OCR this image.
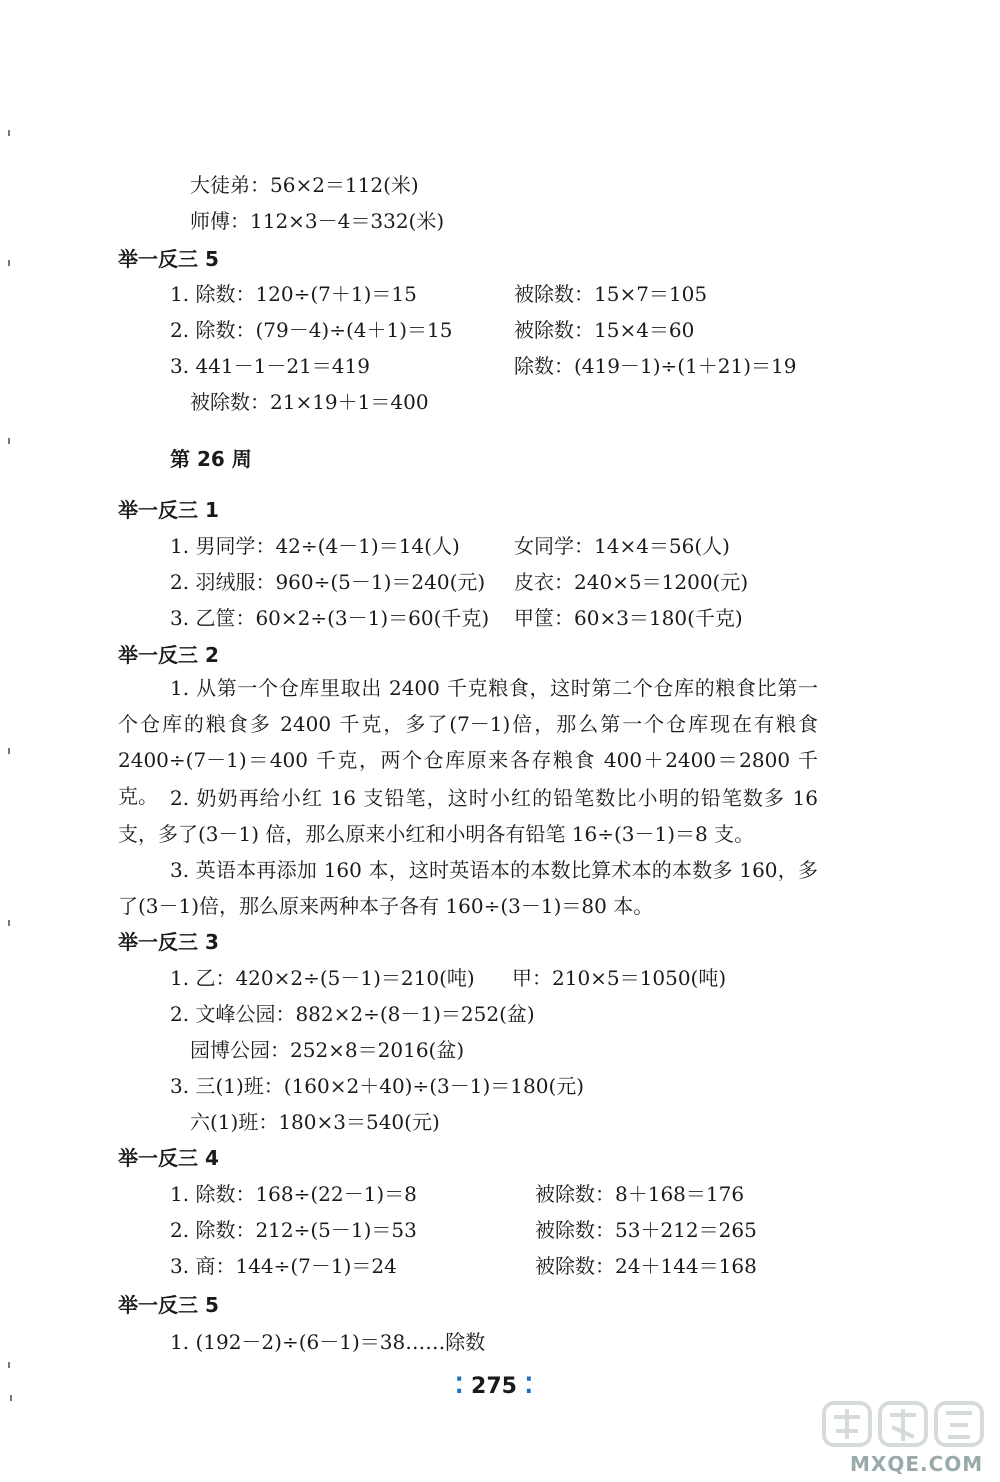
大徒弟：56×2＝112(米)
师傅：112×3－4＝332(米)
举一反三 5
1. 除数：120÷(7＋1)＝15	被除数：15×7＝105
2. 除数：(79－4)÷(4＋1)＝15	被除数：15×4＝60
3. 441－1－21＝419	除数：(419－1)÷(1＋21)＝19
被除数：21×19＋1＝400
第 26 周
举一反三 1
1. 男同学：42÷(4－1)＝14(人)	女同学：14×4＝56(人)
2. 羽绒服：960÷(5－1)＝240(元) 皮衣：240×5＝1200(元)
3. 乙筐：60×2÷(3－1)＝60(千克) 甲筐：60×3＝180(千克)
举一反三 2
1. 从第一个仓库里取出 2400 千克粮食，这时第二个仓库的粮食比第一个仓库的粮食多 2400 千克，多了(7－1)倍，那么第一个仓库现在有粮食 2400÷(7－1)＝400 千克，两个仓库原来各存粮食 400＋2400＝2800 千克。 2. 奶奶再给小红 16 支铅笔，这时小红的铅笔数比小明的铅笔数多 16 支，多了(3－1) 倍，那么原来小红和小明各有铅笔 16÷(3－1)＝8 支。
3. 英语本再添加 160 本，这时英语本的本数比算术本的本数多 160，多了(3－1)倍，那么原来两种本子各有 160÷(3－1)＝80 本。
举一反三 3
1. 乙：420×2÷(5－1)＝210(吨) 甲：210×5＝1050(吨)
2. 文峰公园：882×2÷(8－1)＝252(盆)
园博公园：252×8＝2016(盆)
3. 三(1)班：(160×2＋40)÷(3－1)＝180(元)
六(1)班：180×3＝540(元)
举一反三 4
1. 除数：168÷(22－1)＝8	被除数：8＋168＝176
2. 除数：212÷(5－1)＝53	被除数：53＋212＝265
3. 商：144÷(7－1)＝24	被除数：24＋144＝168
举一反三 5
1. (192－2)÷(6－1)＝38……除数
⁚ 275 ⁚
MXQE.COM
